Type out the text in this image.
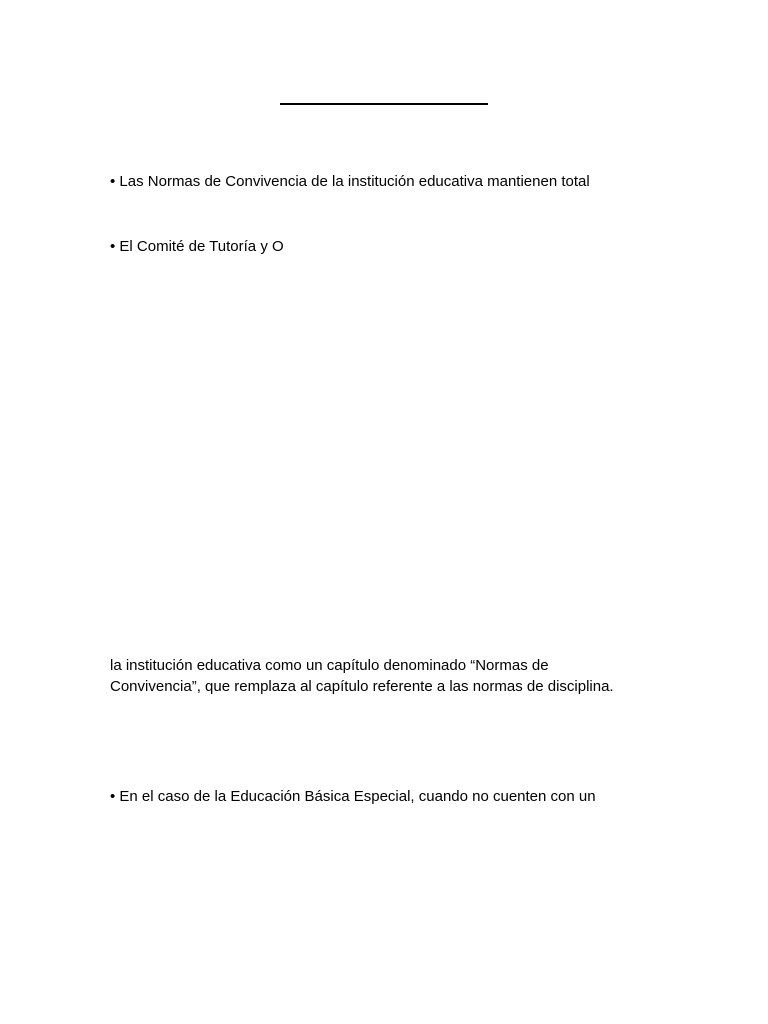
• Las Normas de Convivencia de la institución educativa mantienen total
• El Comité de Tutoría y O
la institución educativa como un capítulo denominado “Normas de
Convivencia”, que remplaza al capítulo referente a las normas de disciplina.
• En el caso de la Educación Básica Especial, cuando no cuenten con un
